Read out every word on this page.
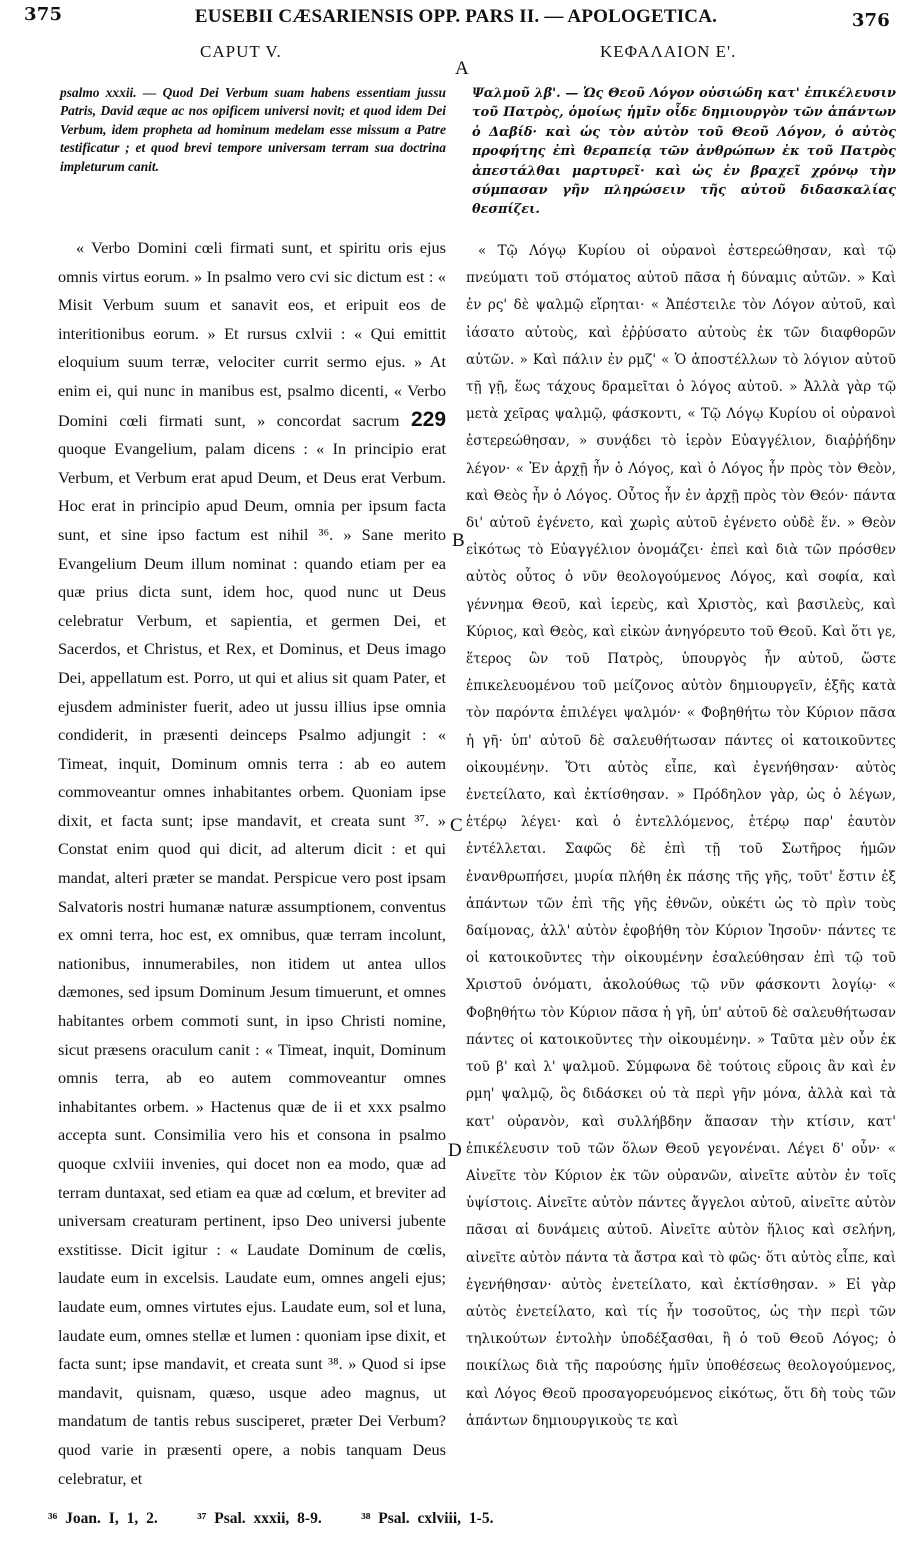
375	EUSEBII CÆSARIENSIS OPP. PARS II. — APOLOGETICA.	376
CAPUT V.	ΚΕΦΑΛΑΙΟΝ Ε'.
A
B
C
D
psalmo xxxii. — Quod Dei Verbum suam habens essentiam jussu Patris, David æque ac nos opificem universi novit; et quod idem Dei Verbum, idem propheta ad hominum medelam esse missum a Patre testificatur ; et quod brevi tempore universam terram sua doctrina impleturum canit.
Ψαλμοῦ λβ'. — Ὡς Θεοῦ Λόγον οὐσιώδη κατ' ἐπικέλευσιν τοῦ Πατρὸς, ὁμοίως ἡμῖν οἶδε δημιουργὸν τῶν ἁπάντων ὁ Δαβίδ· καὶ ὡς τὸν αὐτὸν τοῦ Θεοῦ Λόγον, ὁ αὐτὸς προφήτης ἐπὶ θεραπείᾳ τῶν ἀνθρώπων ἐκ τοῦ Πατρὸς ἀπεστάλθαι μαρτυρεῖ· καὶ ὡς ἐν βραχεῖ χρόνῳ τὴν σύμπασαν γῆν πληρώσειν τῆς αὐτοῦ διδασκαλίας θεσπίζει.

« Verbo Domini cœli firmati sunt, et spiritu oris ejus omnis virtus eorum. » In psalmo vero cvi sic dictum est : « Misit Verbum suum et sanavit eos, et eripuit eos de interitionibus eorum. » Et rursus cxlvii : « Qui emittit eloquium suum terræ, velociter currit sermo ejus. » At enim ei, qui nunc in manibus est, psalmo dicenti, « Verbo Domini cœli firmati sunt, » concordat sacrum 229 quoque Evangelium, palam dicens : « In principio erat Verbum, et Verbum erat apud Deum, et Deus erat Verbum. Hoc erat in principio apud Deum, omnia per ipsum facta sunt, et sine ipso factum est nihil ³⁶. » Sane merito Evangelium Deum illum nominat : quando etiam per ea quæ prius dicta sunt, idem hoc, quod nunc ut Deus celebratur Verbum, et sapientia, et germen Dei, et Sacerdos, et Christus, et Rex, et Dominus, et Deus imago Dei, appellatum est. Porro, ut qui et alius sit quam Pater, et ejusdem administer fuerit, adeo ut jussu illius ipse omnia condiderit, in præsenti deinceps Psalmo adjungit : « Timeat, inquit, Dominum omnis terra : ab eo autem commoveantur omnes inhabitantes orbem. Quoniam ipse dixit, et facta sunt; ipse mandavit, et creata sunt ³⁷. » Constat enim quod qui dicit, ad alterum dicit : et qui mandat, alteri præter se mandat. Perspicue vero post ipsam Salvatoris nostri humanæ naturæ assumptionem, conventus ex omni terra, hoc est, ex omnibus, quæ terram incolunt, nationibus, innumerabiles, non itidem ut antea ullos dæmones, sed ipsum Dominum Jesum timuerunt, et omnes habitantes orbem commoti sunt, in ipso Christi nomine, sicut præsens oraculum canit : « Timeat, inquit, Dominum omnis terra, ab eo autem commoveantur omnes inhabitantes orbem. » Hactenus quæ de ii et xxx psalmo accepta sunt. Consimilia vero his et consona in psalmo quoque cxlviii invenies, qui docet non ea modo, quæ ad terram duntaxat, sed etiam ea quæ ad cœlum, et breviter ad universam creaturam pertinent, ipso Deo universi jubente exstitisse. Dicit igitur : « Laudate Dominum de cœlis, laudate eum in excelsis. Laudate eum, omnes angeli ejus; laudate eum, omnes virtutes ejus. Laudate eum, sol et luna, laudate eum, omnes stellæ et lumen : quoniam ipse dixit, et facta sunt; ipse mandavit, et creata sunt ³⁸. » Quod si ipse mandavit, quisnam, quæso, usque adeo magnus, ut mandatum de tantis rebus susciperet, præter Dei Verbum? quod varie in præsenti opere, a nobis tanquam Deus celebratur, et

« Τῷ Λόγῳ Κυρίου οἱ οὐρανοὶ ἐστερεώθησαν, καὶ τῷ πνεύματι τοῦ στόματος αὐτοῦ πᾶσα ἡ δύναμις αὐτῶν. » Καὶ ἐν ρς' δὲ ψαλμῷ εἴρηται· « Ἀπέστειλε τὸν Λόγον αὐτοῦ, καὶ ἰάσατο αὐτοὺς, καὶ ἐῤῥύσατο αὐτοὺς ἐκ τῶν διαφθορῶν αὐτῶν. » Καὶ πάλιν ἐν ρμζ' « Ὁ ἀποστέλλων τὸ λόγιον αὐτοῦ τῇ γῇ, ἕως τάχους δραμεῖται ὁ λόγος αὐτοῦ. » Ἀλλὰ γὰρ τῷ μετὰ χεῖρας ψαλμῷ, φάσκοντι, « Τῷ Λόγῳ Κυρίου οἱ οὐρανοὶ ἐστερεώθησαν, » συνᾴδει τὸ ἱερὸν Εὐαγγέλιον, διαῤῥήδην λέγον· « Ἐν ἀρχῇ ἦν ὁ Λόγος, καὶ ὁ Λόγος ἦν πρὸς τὸν Θεὸν, καὶ Θεὸς ἦν ὁ Λόγος. Οὗτος ἦν ἐν ἀρχῇ πρὸς τὸν Θεόν· πάντα δι' αὐτοῦ ἐγένετο, καὶ χωρὶς αὐτοῦ ἐγένετο οὐδὲ ἕν. » Θεὸν εἰκότως τὸ Εὐαγγέλιον ὀνομάζει· ἐπεὶ καὶ διὰ τῶν πρόσθεν αὐτὸς οὗτος ὁ νῦν θεολογούμενος Λόγος, καὶ σοφία, καὶ γέννημα Θεοῦ, καὶ ἱερεὺς, καὶ Χριστὸς, καὶ βασιλεὺς, καὶ Κύριος, καὶ Θεὸς, καὶ εἰκὼν ἀνηγόρευτο τοῦ Θεοῦ. Καὶ ὅτι γε, ἕτερος ὢν τοῦ Πατρὸς, ὑπουργὸς ἦν αὐτοῦ, ὥστε ἐπικελευομένου τοῦ μείζονος αὐτὸν δημιουργεῖν, ἑξῆς κατὰ τὸν παρόντα ἐπιλέγει ψαλμόν· « Φοβηθήτω τὸν Κύριον πᾶσα ἡ γῆ· ὑπ' αὐτοῦ δὲ σαλευθήτωσαν πάντες οἱ κατοικοῦντες οἰκουμένην. Ὅτι αὐτὸς εἶπε, καὶ ἐγενήθησαν· αὐτὸς ἐνετείλατο, καὶ ἐκτίσθησαν. » Πρόδηλον γὰρ, ὡς ὁ λέγων, ἑτέρῳ λέγει· καὶ ὁ ἐντελλόμενος, ἑτέρῳ παρ' ἑαυτὸν ἐντέλλεται. Σαφῶς δὲ ἐπὶ τῇ τοῦ Σωτῆρος ἡμῶν ἐνανθρωπήσει, μυρία πλήθη ἐκ πάσης τῆς γῆς, τοῦτ' ἔστιν ἐξ ἁπάντων τῶν ἐπὶ τῆς γῆς ἐθνῶν, οὐκέτι ὡς τὸ πρὶν τοὺς δαίμονας, ἀλλ' αὐτὸν ἐφοβήθη τὸν Κύριον Ἰησοῦν· πάντες τε οἱ κατοικοῦντες τὴν οἰκουμένην ἐσαλεύθησαν ἐπὶ τῷ τοῦ Χριστοῦ ὀνόματι, ἀκολούθως τῷ νῦν φάσκοντι λογίῳ· « Φοβηθήτω τὸν Κύριον πᾶσα ἡ γῆ, ὑπ' αὐτοῦ δὲ σαλευθήτωσαν πάντες οἱ κατοικοῦντες τὴν οἰκουμένην. » Ταῦτα μὲν οὖν ἐκ τοῦ β' καὶ λ' ψαλμοῦ. Σύμφωνα δὲ τούτοις εὕροις ἂν καὶ ἐν ρμη' ψαλμῷ, ὃς διδάσκει οὐ τὰ περὶ γῆν μόνα, ἀλλὰ καὶ τὰ κατ' οὐρανὸν, καὶ συλλήβδην ἅπασαν τὴν κτίσιν, κατ' ἐπικέλευσιν τοῦ τῶν ὅλων Θεοῦ γεγονέναι. Λέγει δ' οὖν· « Αἰνεῖτε τὸν Κύριον ἐκ τῶν οὐρανῶν, αἰνεῖτε αὐτὸν ἐν τοῖς ὑψίστοις. Αἰνεῖτε αὐτὸν πάντες ἄγγελοι αὐτοῦ, αἰνεῖτε αὐτὸν πᾶσαι αἱ δυνάμεις αὐτοῦ. Αἰνεῖτε αὐτὸν ἥλιος καὶ σελήνη, αἰνεῖτε αὐτὸν πάντα τὰ ἄστρα καὶ τὸ φῶς· ὅτι αὐτὸς εἶπε, καὶ ἐγενήθησαν· αὐτὸς ἐνετείλατο, καὶ ἐκτίσθησαν. » Εἰ γὰρ αὐτὸς ἐνετείλατο, καὶ τίς ἦν τοσοῦτος, ὡς τὴν περὶ τῶν τηλικούτων ἐντολὴν ὑποδέξασθαι, ἢ ὁ τοῦ Θεοῦ Λόγος; ὁ ποικίλως διὰ τῆς παρούσης ἡμῖν ὑποθέσεως θεολογούμενος, καὶ Λόγος Θεοῦ προσαγορευόμενος εἰκότως, ὅτι δὴ τοὺς τῶν ἁπάντων δημιουργικοὺς τε καὶ

³⁶ Joan. I, 1, 2.	³⁷ Psal. xxxii, 8-9.	³⁸ Psal. cxlviii, 1-5.
